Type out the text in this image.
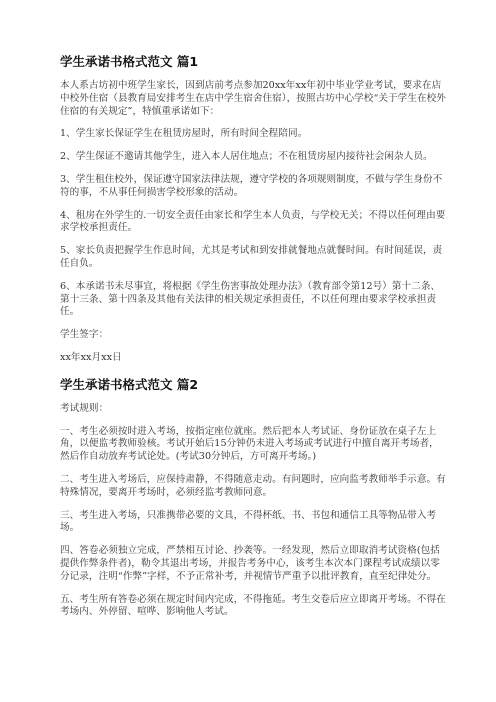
学生承诺书格式范文 篇1

本人系古坊初中班学生家长，因到店前考点参加20xx年xx年初中毕业学业考试，要求在店中校外住宿（县教育局安排考生在店中学生宿舍住宿），按照古坊中心学校“关于学生在校外住宿的有关规定”，特慎重承诺如下：

1、学生家长保证学生在租赁房屋时，所有时间全程陪同。

2、学生保证不邀请其他学生，进入本人居住地点；不在租赁房屋内接待社会闲杂人员。

3、学生租住校外，保证遵守国家法律法规，遵守学校的各项规则制度，不做与学生身份不符的事，不从事任何损害学校形象的活动。

4、租房在外学生的.一切安全责任由家长和学生本人负责，与学校无关；不得以任何理由要求学校承担责任。

5、家长负责把握学生作息时间，尤其是考试和到安排就餐地点就餐时间。有时间延误，责任自负。

6、本承诺书未尽事宜，将根据《学生伤害事故处理办法》（教育部令第12号）第十二条、第十三条、第十四条及其他有关法律的相关规定承担责任，不以任何理由要求学校承担责任。

学生签字：

xx年xx月xx日

学生承诺书格式范文 篇2

考试规则：

一、考生必须按时进入考场，按指定座位就座。然后把本人考试证、身份证放在桌子左上角，以便监考教师验核。考试开始后15分钟仍未进入考场或考试进行中擅自离开考场者，然后作自动放弃考试论处。(考试30分钟后，方可离开考场。)

二、考生进入考场后，应保持肃静，不得随意走动。有问题时，应向监考教师举手示意。有特殊情况，要离开考场时，必须经监考教师同意。

三、考生进入考场，只准携带必要的文具，不得杯纸、书、书包和通信工具等物品带入考场。

四、答卷必须独立完成，严禁相互讨论、抄袭等。一经发现，然后立即取消考试资格(包括提供作弊条件者)，勒令其退出考场，并报告考务中心，该考生本次本门课程考试成绩以零分记录，注明“作弊”字样，不予正常补考，并视情节严重予以批评教育，直至纪律处分。

五、考生所有答卷必须在规定时间内完成，不得拖延。考生交卷后应立即离开考场。不得在考场内、外停留、喧哗、影响他人考试。
